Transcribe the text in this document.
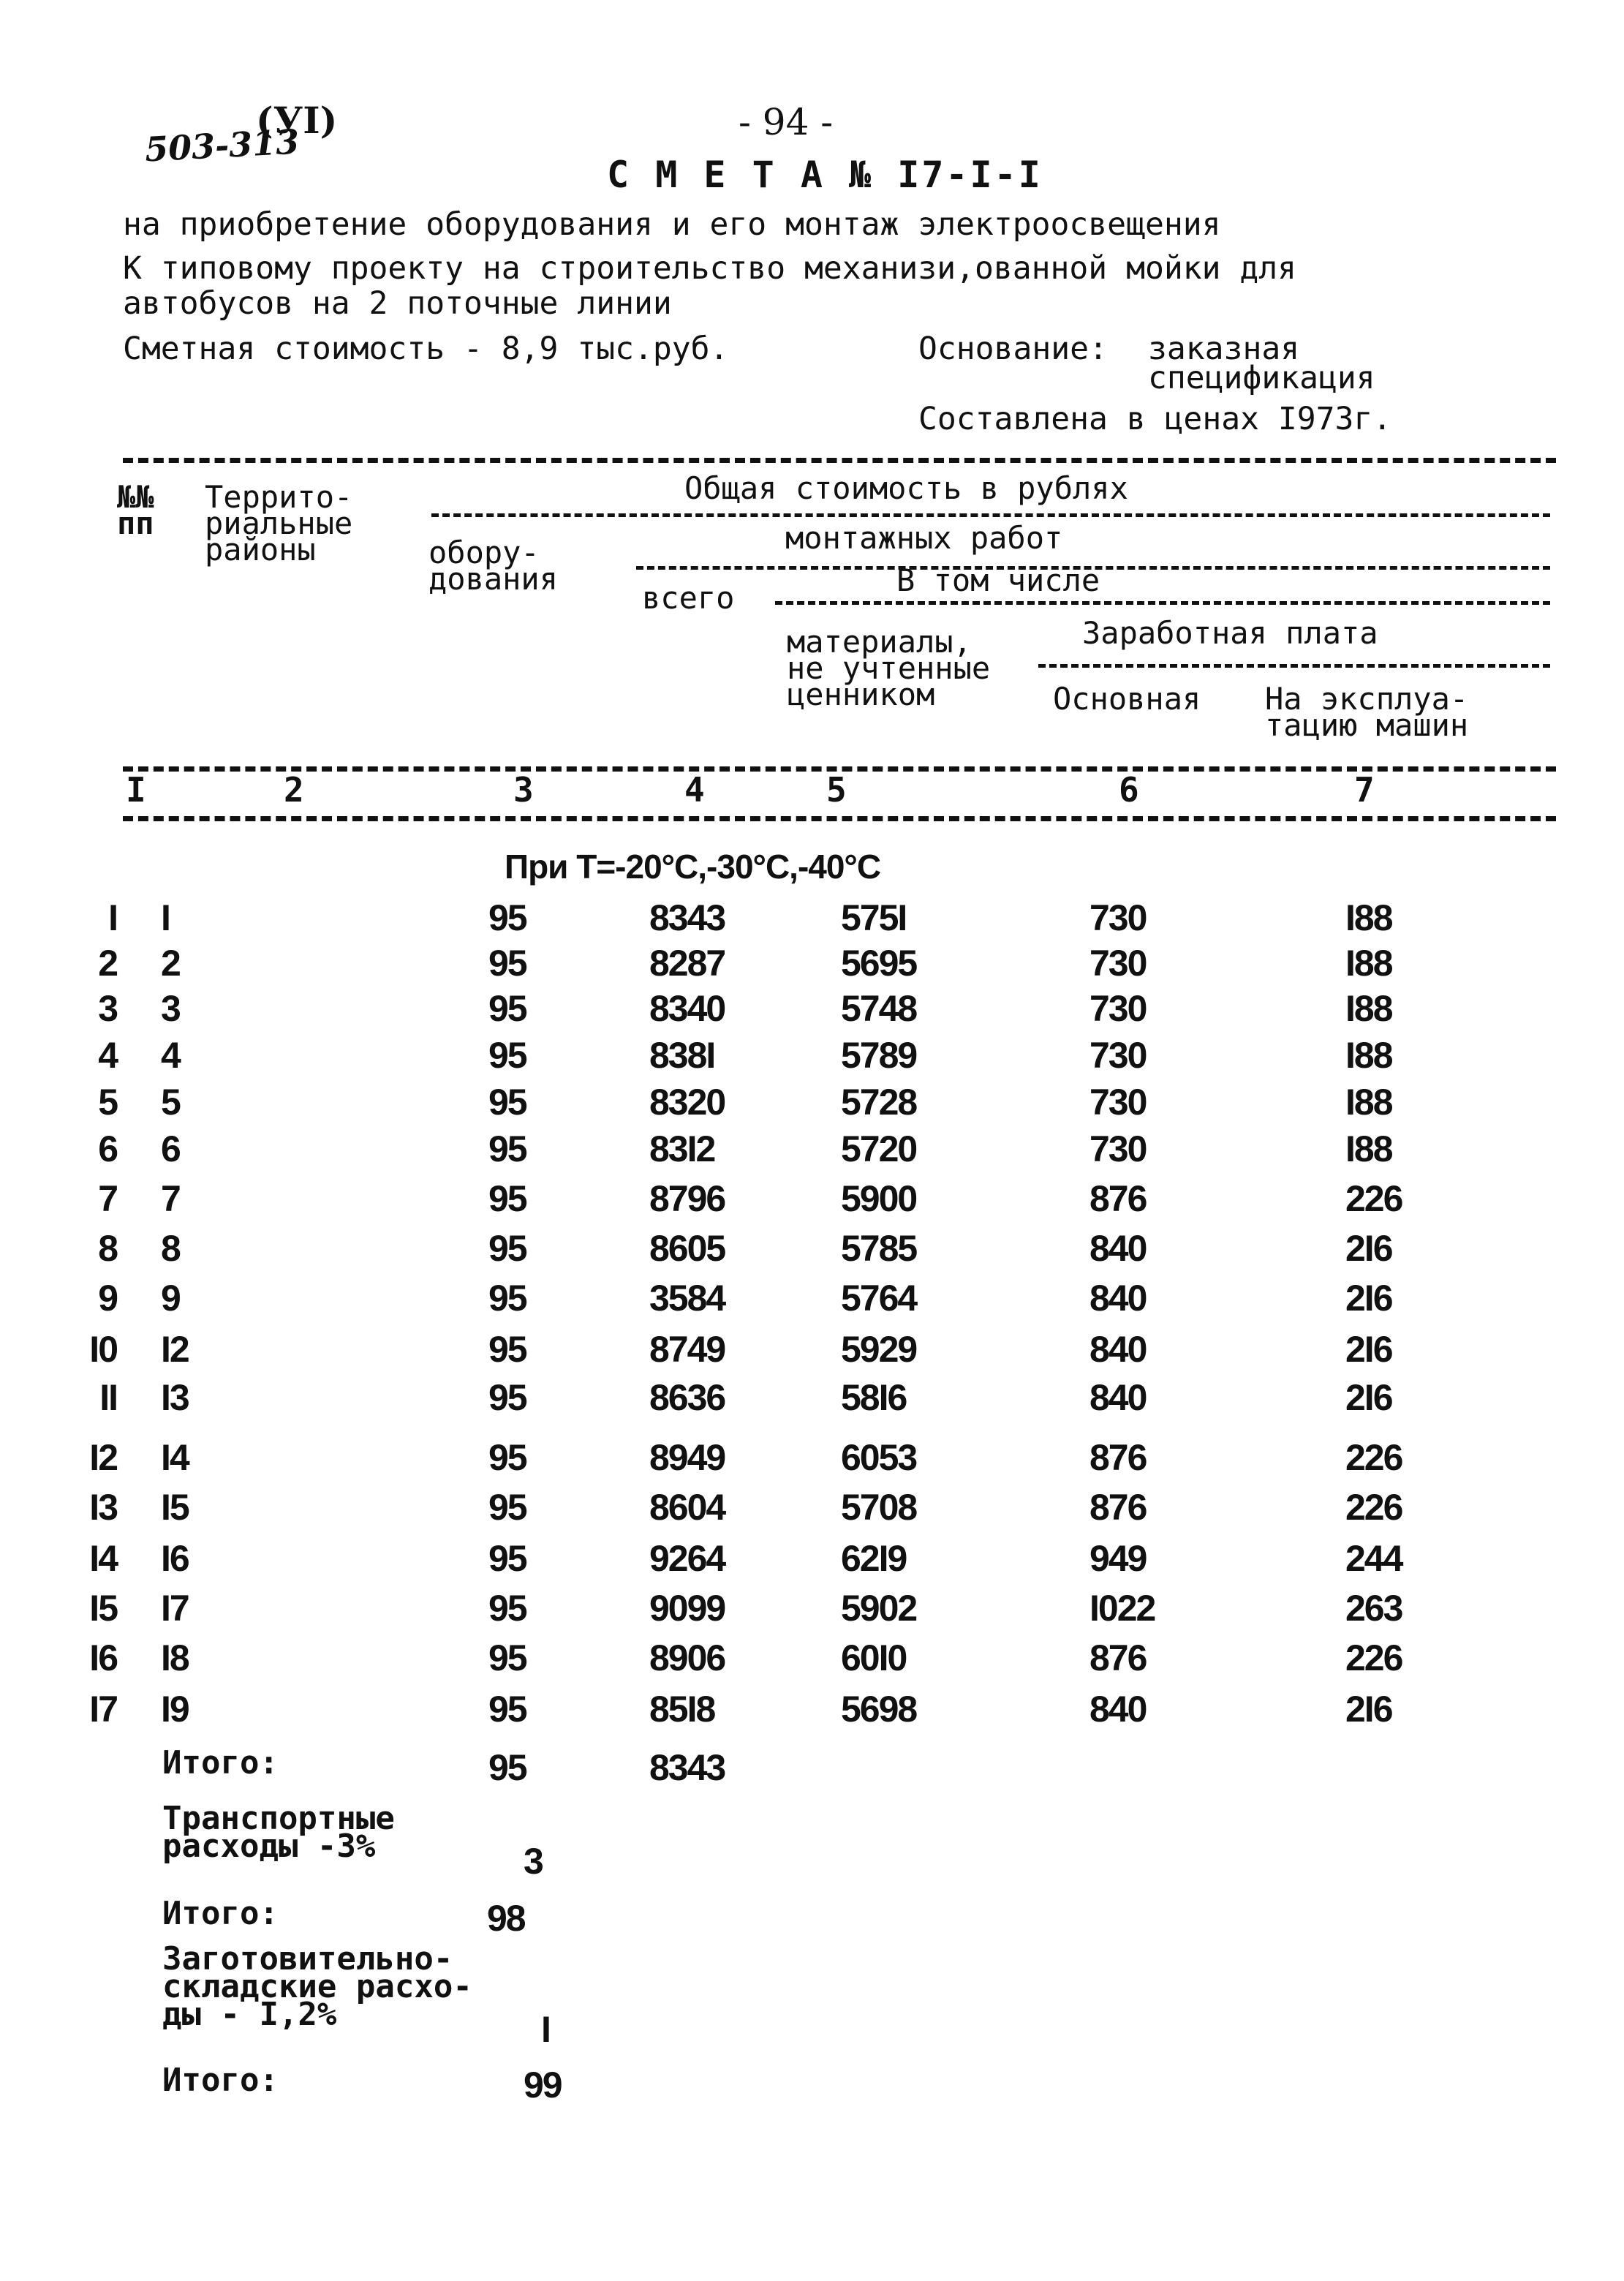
(УI)
503-313	- 94 -
С М Е Т А № I7-I-I
на приобретение оборудования и его монтаж электроосвещения
К типовому проекту на строительство механизи,ованной мойки для
автобусов на 2 поточные линии
Сметная стоимость - 8,9 тыс.руб.	Основание: заказная
спецификация
Составлена в ценах I973г.
№№
пп
Террито-
риальные
районы
Общая стоимость в рублях
обору-
дования
монтажных работ
всего	В том числе
материалы,
не учтенные
ценником
Заработная плата
Основная На эксплуа-
тацию машин
I	2	3	4	5	6	7
При Т=-20°С,-30°С,-40°С
I I	95	8343	575I	730	I88
2 2	95	8287	5695	730	I88
3 3	95	8340	5748	730	I88
4 4	95	838I	5789	730	I88
5 5	95	8320	5728	730	I88
6 6	95	83I2	5720	730	I88
7 7	95	8796	5900	876	226
8 8	95	8605	5785	840	2I6
9 9	95	3584	5764	840	2I6
I0 I2	95	8749	5929	840	2I6
II I3	95	8636	58I6	840	2I6
I2 I4	95	8949	6053	876	226
I3 I5	95	8604	5708	876	226
I4 I6	95	9264	62I9	949	244
I5 I7	95	9099	5902	I022	263
I6 I8	95	8906	60I0	876	226
I7 I9	95	85I8	5698	840	2I6
Итого:	95	8343
Транспортные
расходы -3%	3
Итого:	98
Заготовительно-
складские расхо-
ды - I,2%	I
Итого:	99
